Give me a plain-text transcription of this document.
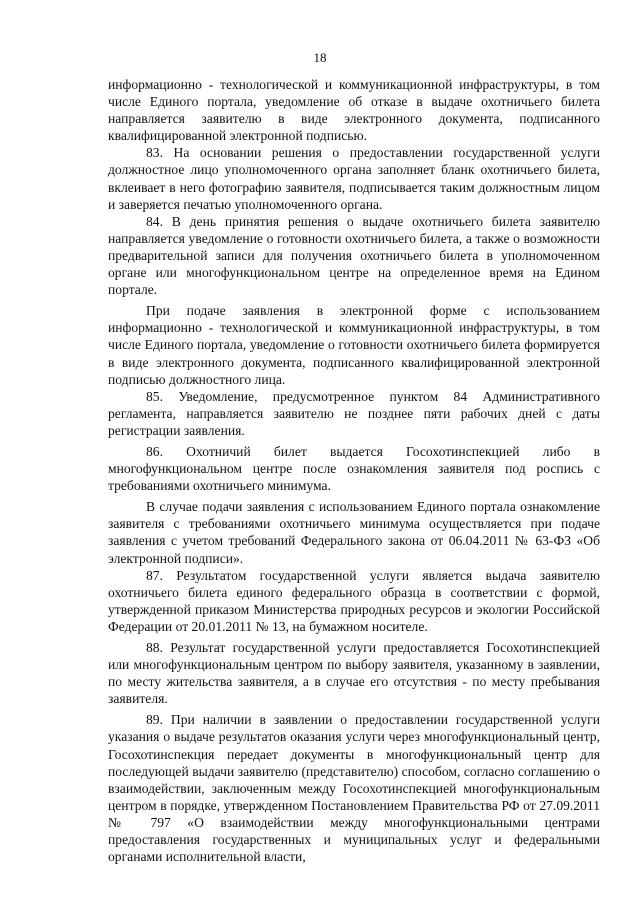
18

информационно - технологической и коммуникационной инфраструктуры, в том числе Единого портала, уведомление об отказе в выдаче охотничьего билета направляется заявителю в виде электронного документа, подписанного квалифицированной электронной подписью.

83. На основании решения о предоставлении государственной услуги должностное лицо уполномоченного органа заполняет бланк охотничьего билета, вклеивает в него фотографию заявителя, подписывается таким должностным лицом и заверяется печатью уполномоченного органа.

84. В день принятия решения о выдаче охотничьего билета заявителю направляется уведомление о готовности охотничьего билета, а также о возможности предварительной записи для получения охотничьего билета в уполномоченном органе или многофункциональном центре на определенное время на Едином портале.

При подаче заявления в электронной форме с использованием информационно - технологической и коммуникационной инфраструктуры, в том числе Единого портала, уведомление о готовности охотничьего билета формируется в виде электронного документа, подписанного квалифицированной электронной подписью должностного лица.

85. Уведомление, предусмотренное пунктом 84 Административного регламента, направляется заявителю не позднее пяти рабочих дней с даты регистрации заявления.

86. Охотничий билет выдается Госохотинспекцией либо в многофункциональном центре после ознакомления заявителя под роспись с требованиями охотничьего минимума.

В случае подачи заявления с использованием Единого портала ознакомление заявителя с требованиями охотничьего минимума осуществляется при подаче заявления с учетом требований Федерального закона от 06.04.2011 № 63-ФЗ «Об электронной подписи».

87. Результатом государственной услуги является выдача заявителю охотничьего билета единого федерального образца в соответствии с формой, утвержденной приказом Министерства природных ресурсов и экологии Российской Федерации от 20.01.2011 № 13, на бумажном носителе.

88. Результат государственной услуги предоставляется Госохотинспекцией или многофункциональным центром по выбору заявителя, указанному в заявлении, по месту жительства заявителя, а в случае его отсутствия - по месту пребывания заявителя.

89. При наличии в заявлении о предоставлении государственной услуги указания о выдаче результатов оказания услуги через многофункциональный центр, Госохотинспекция передает документы в многофункциональный центр для последующей выдачи заявителю (представителю) способом, согласно соглашению о взаимодействии, заключенным между Госохотинспекцией многофункциональным центром в порядке, утвержденном Постановлением Правительства РФ от 27.09.2011 № 797 «О взаимодействии между многофункциональными центрами предоставления государственных и муниципальных услуг и федеральными органами исполнительной власти,
